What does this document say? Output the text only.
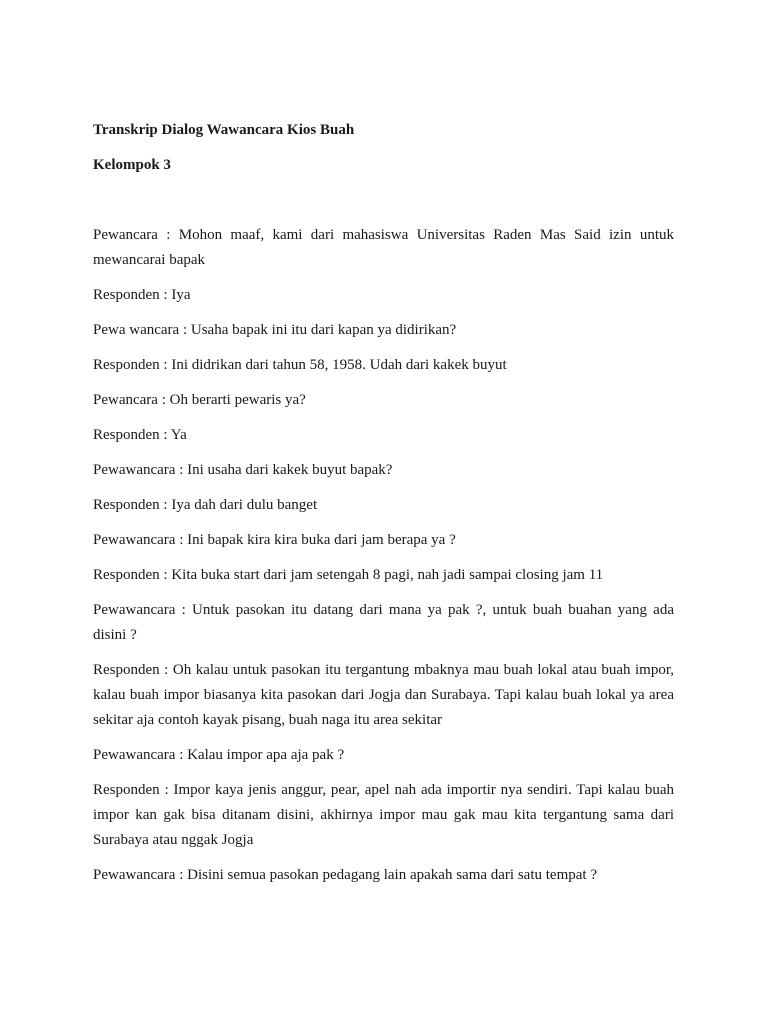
Transkrip Dialog Wawancara Kios Buah

Kelompok 3

Pewancara : Mohon maaf, kami dari mahasiswa Universitas Raden Mas Said izin untuk mewancarai bapak

Responden : Iya

Pewa wancara : Usaha bapak ini itu dari kapan ya didirikan?

Responden : Ini didrikan dari tahun 58, 1958. Udah dari kakek buyut

Pewancara : Oh berarti pewaris ya?

Responden : Ya

Pewawancara : Ini usaha dari kakek buyut bapak?

Responden : Iya dah dari dulu banget

Pewawancara : Ini bapak kira kira buka dari jam berapa ya ?

Responden : Kita buka start dari jam setengah 8 pagi, nah jadi sampai closing jam 11

Pewawancara : Untuk pasokan itu datang dari mana ya pak ?, untuk buah buahan yang ada disini ?

Responden : Oh kalau untuk pasokan itu tergantung mbaknya mau buah lokal atau buah impor, kalau buah impor biasanya kita pasokan dari Jogja dan Surabaya. Tapi kalau buah lokal ya area sekitar aja contoh kayak pisang, buah naga itu area sekitar

Pewawancara : Kalau impor apa aja pak ?

Responden : Impor kaya jenis anggur, pear, apel nah ada importir nya sendiri. Tapi kalau buah impor kan gak bisa ditanam disini, akhirnya impor mau gak mau kita tergantung sama dari Surabaya atau nggak Jogja

Pewawancara : Disini semua pasokan pedagang lain apakah sama dari satu tempat ?
